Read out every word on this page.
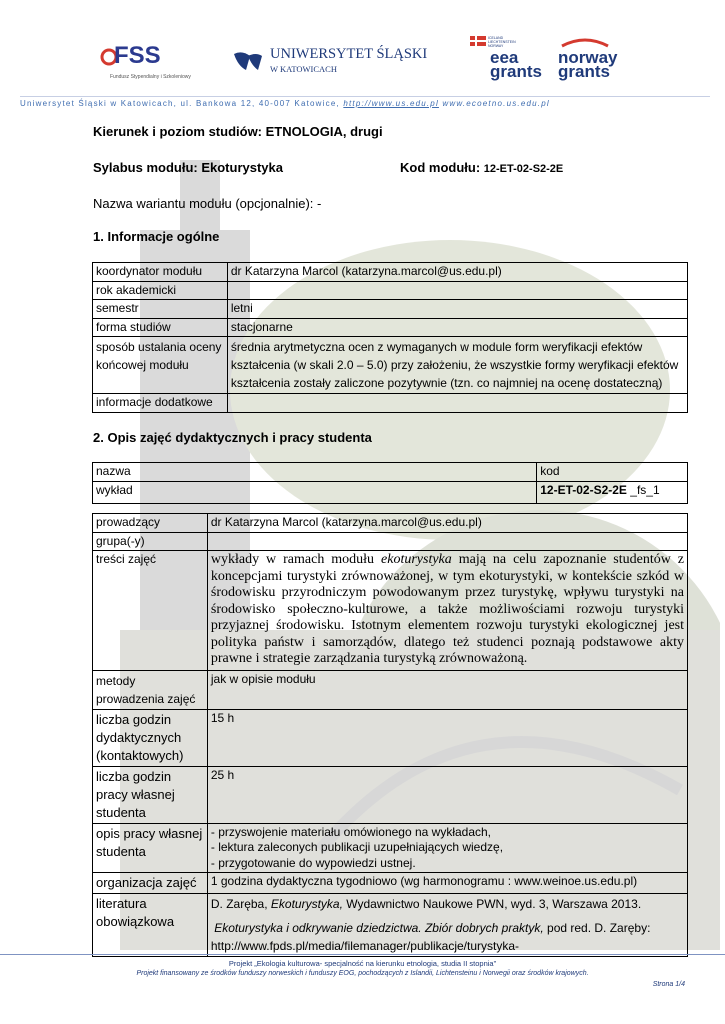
FSS
Fundusz Stypendialny i Szkoleniowy
UNIWERSYTET ŚLĄSKI
W KATOWICACH
ICELAND LIECHTENSTEIN NORWAY
eea
grants
norway
grants
Uniwersytet Śląski w Katowicach, ul. Bankowa 12, 40-007 Katowice, http://www.us.edu.pl www.ecoetno.us.edu.pl
Kierunek i poziom studiów: ETNOLOGIA, drugi
Sylabus modułu: Ekoturystyka	Kod modułu: 12-ET-02-S2-2E
Nazwa wariantu modułu (opcjonalnie): -
1. Informacje ogólne
koordynator modułu	dr Katarzyna Marcol (katarzyna.marcol@us.edu.pl)
rok akademicki	
semestr	letni
forma studiów	stacjonarne
sposób ustalania oceny końcowej modułu	średnia arytmetyczna ocen z wymaganych w module form weryfikacji efektów kształcenia (w skali 2.0 – 5.0) przy założeniu, że wszystkie formy weryfikacji efektów kształcenia zostały zaliczone pozytywnie (tzn. co najmniej na ocenę dostateczną)
informacje dodatkowe	
2. Opis zajęć dydaktycznych i pracy studenta
nazwa	kod
wykład	12-ET-02-S2-2E _fs_1
prowadzący	dr Katarzyna Marcol (katarzyna.marcol@us.edu.pl)
grupa(-y)	
treści zajęć	wykłady w ramach modułu ekoturystyka mają na celu zapoznanie studentów z koncepcjami turystyki zrównoważonej, w tym ekoturystyki, w kontekście szkód w środowisku przyrodniczym powodowanym przez turystykę, wpływu turystyki na środowisko społeczno-kulturowe, a także możliwościami rozwoju turystyki przyjaznej środowisku. Istotnym elementem rozwoju turystyki ekologicznej jest polityka państw i samorządów, dlatego też studenci poznają podstawowe akty prawne i strategie zarządzania turystyką zrównoważoną.
metody prowadzenia zajęć	jak w opisie modułu
liczba godzin dydaktycznych (kontaktowych)	15 h
liczba godzin pracy własnej studenta	25 h
opis pracy własnej studenta	- przyswojenie materiału omówionego na wykładach,
- lektura zaleconych publikacji uzupełniających wiedzę,
- przygotowanie do wypowiedzi ustnej.

organizacja zajęć	1 godzina dydaktyczna tygodniowo (wg harmonogramu : www.weinoe.us.edu.pl)
literatura obowiązkowa	D. Zaręba, Ekoturystyka, Wydawnictwo Naukowe PWN, wyd. 3, Warszawa 2013.
Ekoturystyka i odkrywanie dziedzictwa. Zbiór dobrych praktyk, pod red. D. Zaręby:
http://www.fpds.pl/media/filemanager/publikacje/turystyka-
Projekt „Ekologia kulturowa- specjalność na kierunku etnologia, studia II stopnia”
Projekt finansowany ze środków funduszy norweskich i funduszy EOG, pochodzących z Islandii, Lichtensteinu i Norwegii oraz środków krajowych.
Strona 1/4
